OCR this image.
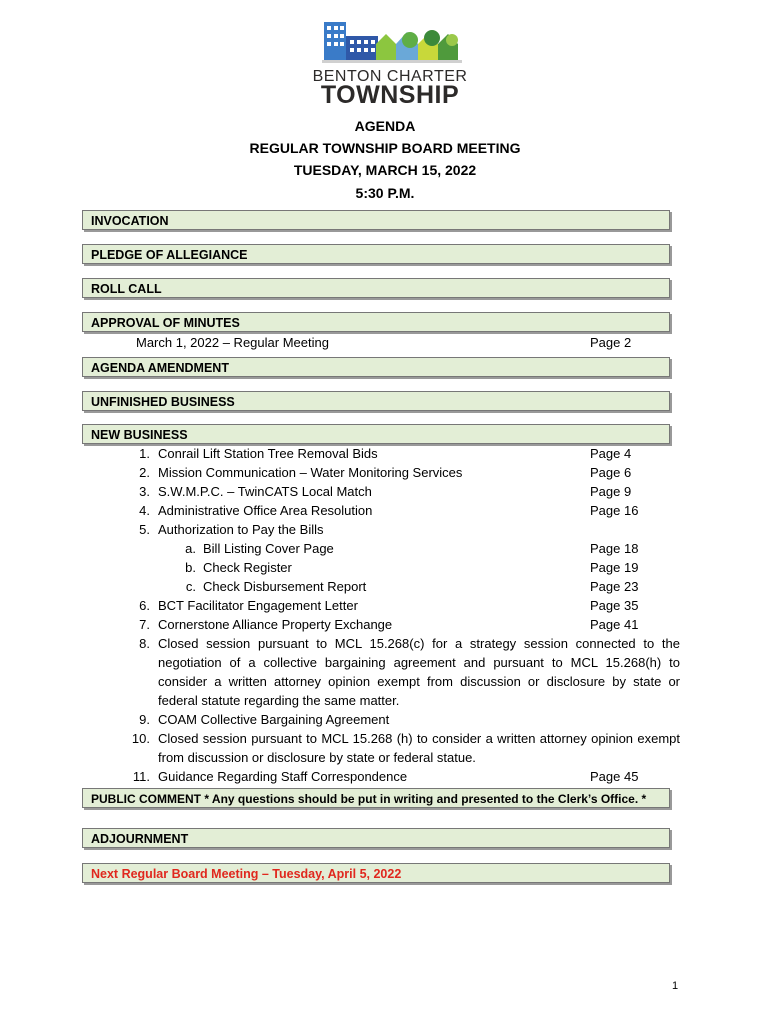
BENTON CHARTER
TOWNSHIP
AGENDA
REGULAR TOWNSHIP BOARD MEETING
TUESDAY, MARCH 15, 2022
5:30 P.M.
INVOCATION
PLEDGE OF ALLEGIANCE
ROLL CALL
APPROVAL OF MINUTES
March 1, 2022 – Regular Meeting	Page 2
AGENDA AMENDMENT
UNFINISHED BUSINESS
NEW BUSINESS
1. Conrail Lift Station Tree Removal Bids	Page 4
2. Mission Communication – Water Monitoring Services	Page 6
3. S.W.M.P.C. – TwinCATS Local Match	Page 9
4. Administrative Office Area Resolution	Page 16
5. Authorization to Pay the Bills
a. Bill Listing Cover Page	Page 18
b. Check Register	Page 19
c. Check Disbursement Report	Page 23
6. BCT Facilitator Engagement Letter	Page 35
7. Cornerstone Alliance Property Exchange	Page 41
8. Closed session pursuant to MCL 15.268(c) for a strategy session connected to the negotiation of a collective bargaining agreement and pursuant to MCL 15.268(h) to consider a written attorney opinion exempt from discussion or disclosure by state or federal statute regarding the same matter.
9. COAM Collective Bargaining Agreement
10. Closed session pursuant to MCL 15.268 (h) to consider a written attorney opinion exempt from discussion or disclosure by state or federal statue.
11. Guidance Regarding Staff Correspondence	Page 45
PUBLIC COMMENT * Any questions should be put in writing and presented to the Clerk’s Office. *
ADJOURNMENT
Next Regular Board Meeting – Tuesday, April 5, 2022
1
